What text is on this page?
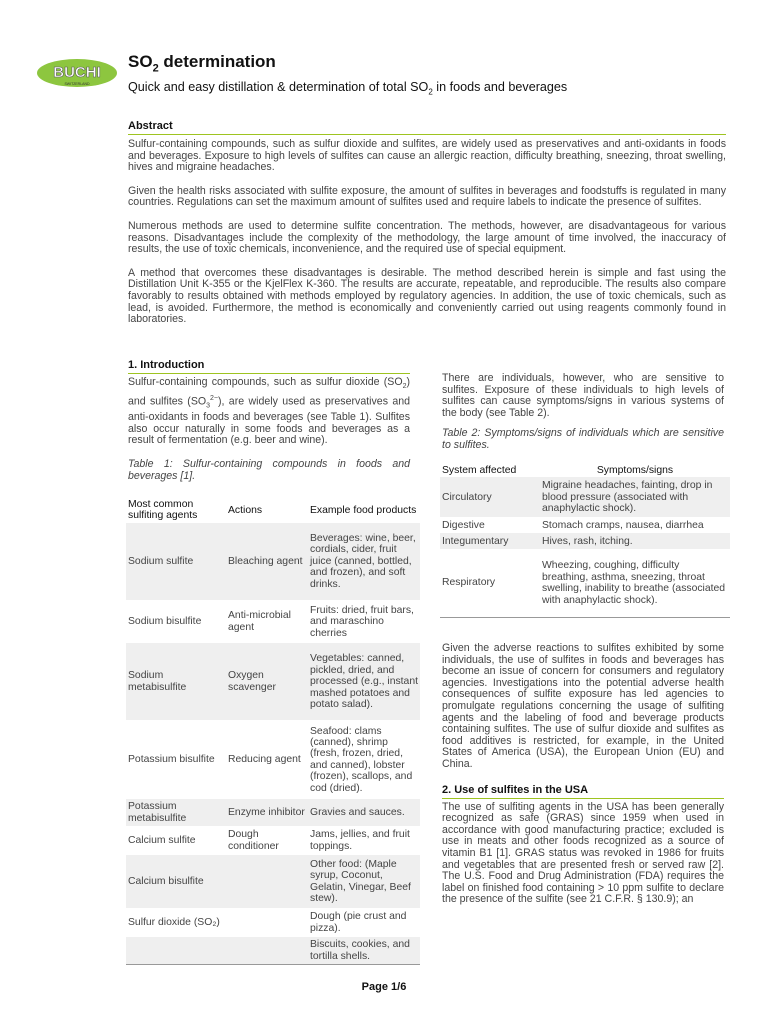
BUCHI
SWITZERLAND
$SO_2$ determination
Quick and easy distillation & determination of total $SO_2$ in foods and beverages
Abstract

Sulfur-containing compounds, such as sulfur dioxide and sulfites, are widely used as preservatives and anti-oxidants in foods and beverages. Exposure to high levels of sulfites can cause an allergic reaction, difficulty breathing, sneezing, throat swelling, hives and migraine headaches.

Given the health risks associated with sulfite exposure, the amount of sulfites in beverages and foodstuffs is regulated in many countries. Regulations can set the maximum amount of sulfites used and require labels to indicate the presence of sulfites.

Numerous methods are used to determine sulfite concentration. The methods, however, are disadvantageous for various reasons. Disadvantages include the complexity of the methodology, the large amount of time involved, the inaccuracy of results, the use of toxic chemicals, inconvenience, and the required use of special equipment.

A method that overcomes these disadvantages is desirable. The method described herein is simple and fast using the Distillation Unit K-355 or the KjelFlex K-360. The results are accurate, repeatable, and reproducible. The results also compare favorably to results obtained with methods employed by regulatory agencies. In addition, the use of toxic chemicals, such as lead, is avoided. Furthermore, the method is economically and conveniently carried out using reagents commonly found in laboratories.

1. Introduction

Sulfur-containing compounds, such as sulfur dioxide $(SO_2)$ and sulfites $(SO_3^{2-})$, are widely used as preservatives and anti-oxidants in foods and beverages (see Table 1). Sulfites also occur naturally in some foods and beverages as a result of fermentation (e.g. beer and wine).

Table 1: Sulfur-containing compounds in foods and beverages [1].
Most common sulfiting agents	Actions	Example food products
Sodium sulfite	Bleaching agent	Beverages: wine, beer, cordials, cider, fruit juice (canned, bottled, and frozen), and soft drinks.
Sodium bisulfite	Anti-microbial agent	Fruits: dried, fruit bars, and maraschino cherries
Sodium metabisulfite	Oxygen scavenger	Vegetables: canned, pickled, dried, and processed (e.g., instant mashed potatoes and potato salad).
Potassium bisulfite	Reducing agent	Seafood: clams (canned), shrimp (fresh, frozen, dried, and canned), lobster (frozen), scallops, and cod (dried).
Potassium metabisulfite	Enzyme inhibitor	Gravies and sauces.
Calcium sulfite	Dough conditioner	Jams, jellies, and fruit toppings.
Calcium bisulfite		Other food: (Maple syrup, Coconut, Gelatin, Vinegar, Beef stew).
Sulfur dioxide (SO₂)		Dough (pie crust and pizza).
		Biscuits, cookies, and tortilla shells.

There are individuals, however, who are sensitive to sulfites. Exposure of these individuals to high levels of sulfites can cause symptoms/signs in various systems of the body (see Table 2).

Table 2: Symptoms/signs of individuals which are sensitive to sulfites.
System affected	Symptoms/signs
Circulatory	Migraine headaches, fainting, drop in blood pressure (associated with anaphylactic shock).
Digestive	Stomach cramps, nausea, diarrhea
Integumentary	Hives, rash, itching.
Respiratory	Wheezing, coughing, difficulty breathing, asthma, sneezing, throat swelling, inability to breathe (associated with anaphylactic shock).

Given the adverse reactions to sulfites exhibited by some individuals, the use of sulfites in foods and beverages has become an issue of concern for consumers and regulatory agencies. Investigations into the potential adverse health consequences of sulfite exposure has led agencies to promulgate regulations concerning the usage of sulfiting agents and the labeling of food and beverage products containing sulfites. The use of sulfur dioxide and sulfites as food additives is restricted, for example, in the United States of America (USA), the European Union (EU) and China.

2. Use of sulfites in the USA

The use of sulfiting agents in the USA has been generally recognized as safe (GRAS) since 1959 when used in accordance with good manufacturing practice; excluded is use in meats and other foods recognized as a source of vitamin B1 [1]. GRAS status was revoked in 1986 for fruits and vegetables that are presented fresh or served raw [2]. The U.S. Food and Drug Administration (FDA) requires the label on finished food containing > 10 ppm sulfite to declare the presence of the sulfite (see 21 C.F.R. § 130.9); an

Page 1/6
